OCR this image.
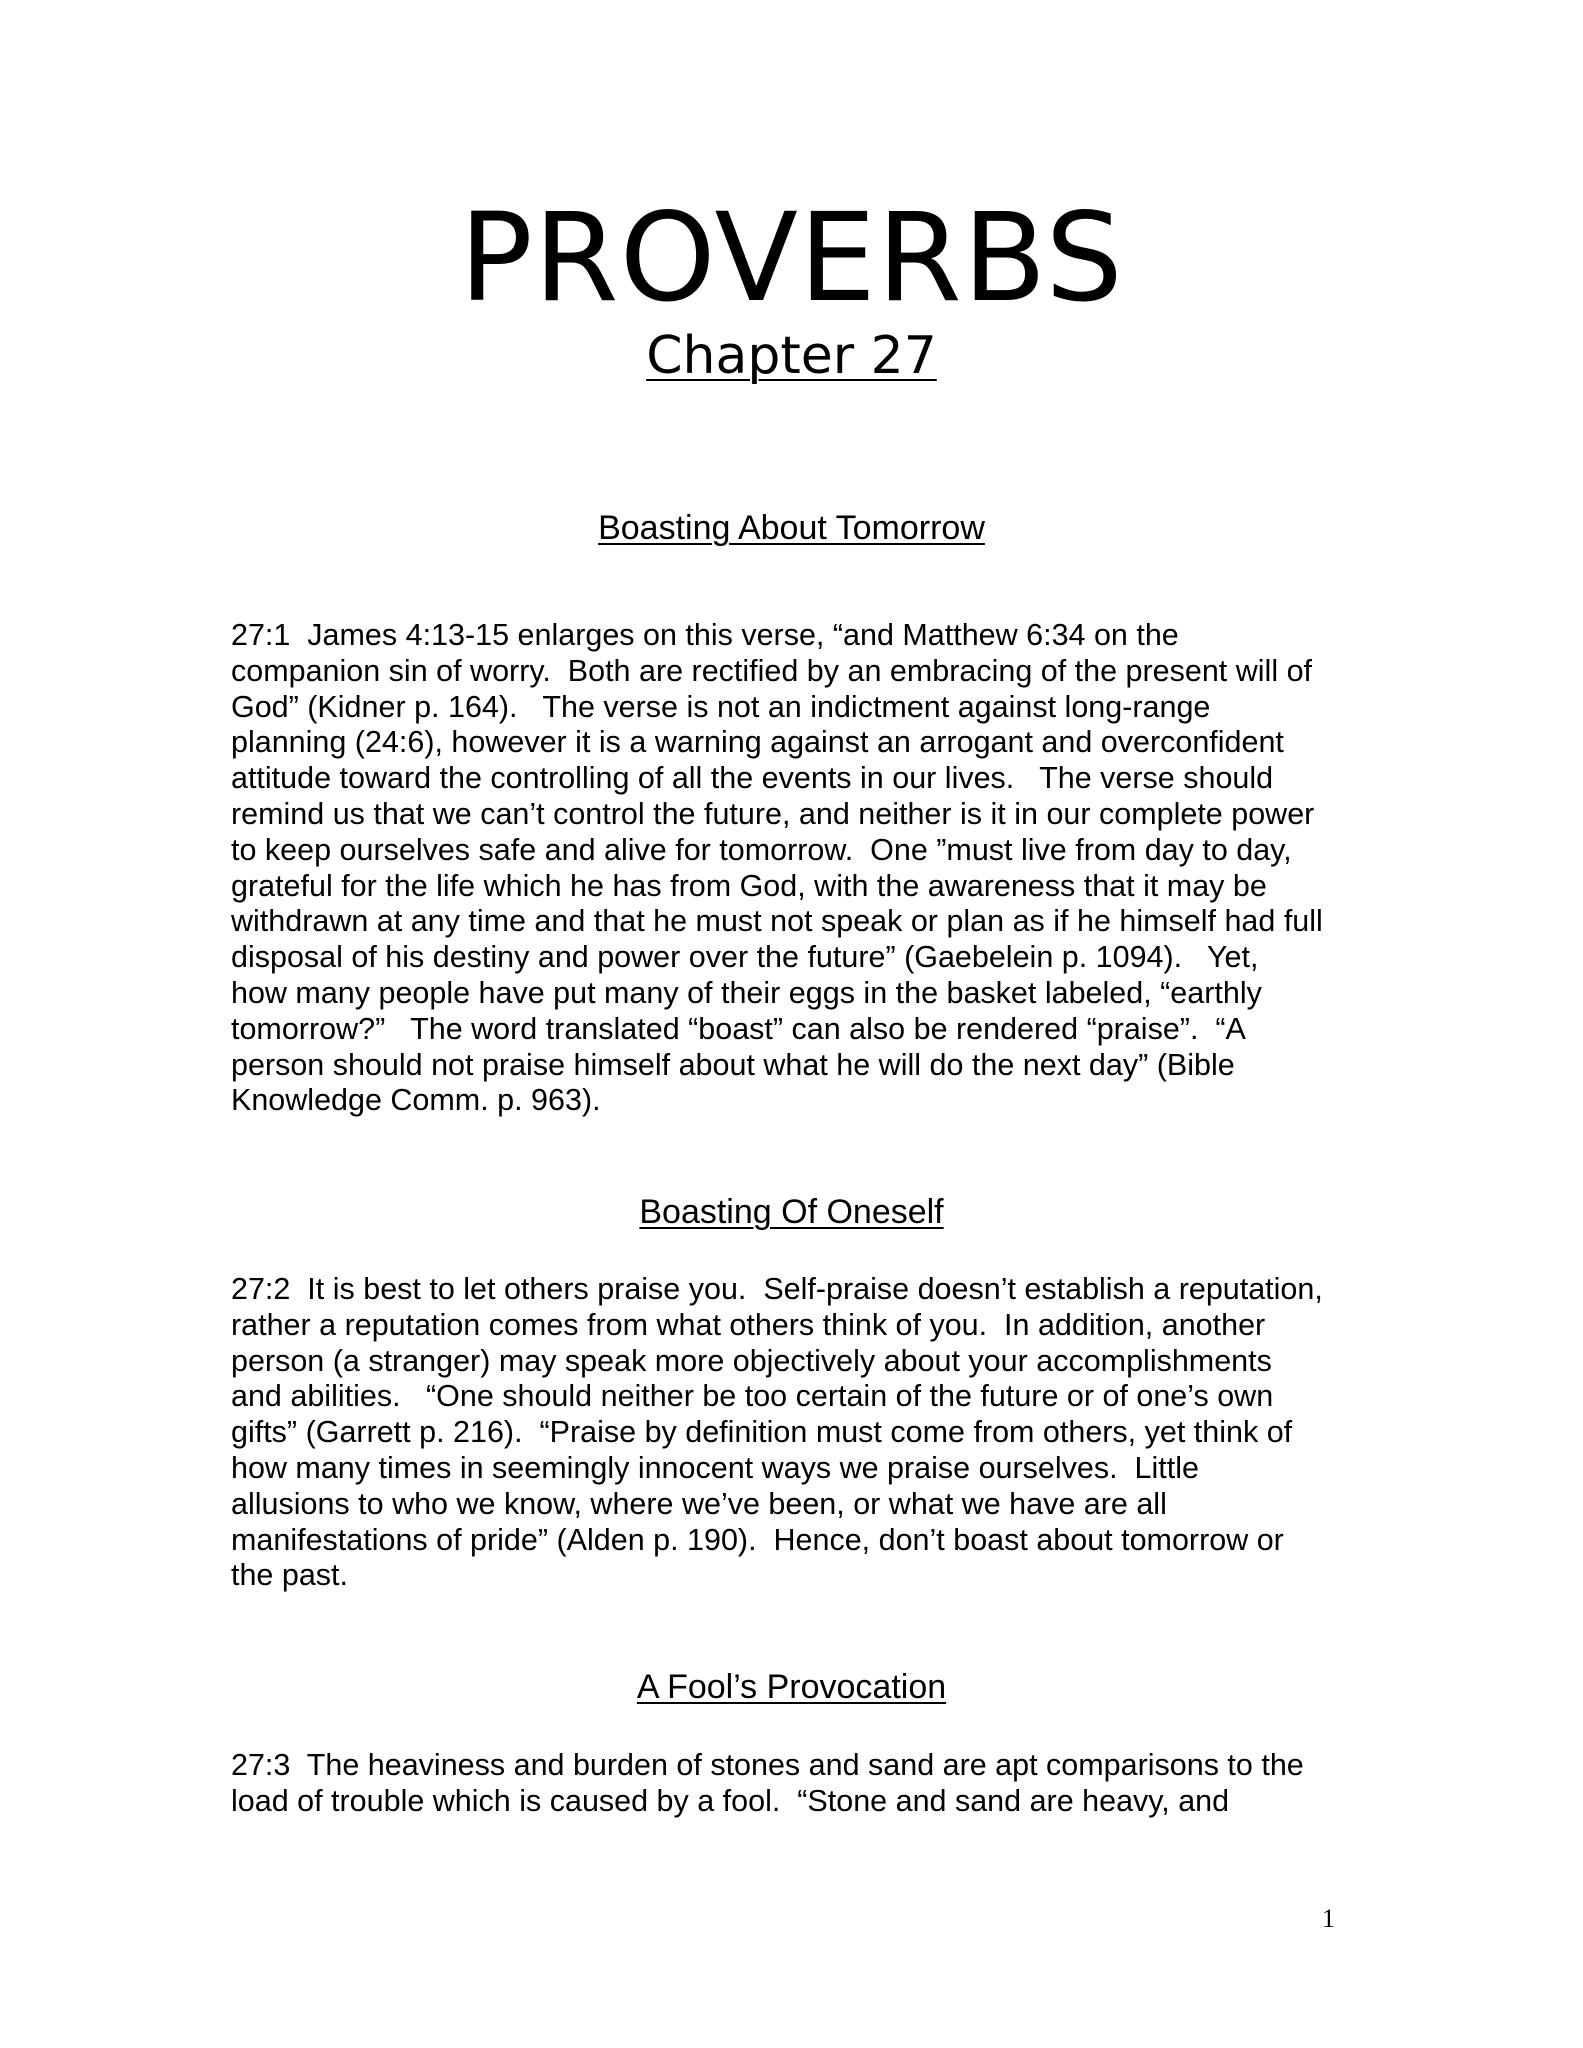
PROVERBS
Chapter 27
Boasting About Tomorrow
27:1  James 4:13-15 enlarges on this verse, “and Matthew 6:34 on the
companion sin of worry.  Both are rectified by an embracing of the present will of
God” (Kidner p. 164).   The verse is not an indictment against long-range
planning (24:6), however it is a warning against an arrogant and overconfident
attitude toward the controlling of all the events in our lives.   The verse should
remind us that we can’t control the future, and neither is it in our complete power
to keep ourselves safe and alive for tomorrow.  One ”must live from day to day,
grateful for the life which he has from God, with the awareness that it may be
withdrawn at any time and that he must not speak or plan as if he himself had full
disposal of his destiny and power over the future” (Gaebelein p. 1094).   Yet,
how many people have put many of their eggs in the basket labeled, “earthly
tomorrow?”   The word translated “boast” can also be rendered “praise”.  “A
person should not praise himself about what he will do the next day” (Bible
Knowledge Comm. p. 963).
Boasting Of Oneself
27:2  It is best to let others praise you.  Self-praise doesn’t establish a reputation,
rather a reputation comes from what others think of you.  In addition, another
person (a stranger) may speak more objectively about your accomplishments
and abilities.   “One should neither be too certain of the future or of one’s own
gifts” (Garrett p. 216).  “Praise by definition must come from others, yet think of
how many times in seemingly innocent ways we praise ourselves.  Little
allusions to who we know, where we’ve been, or what we have are all
manifestations of pride” (Alden p. 190).  Hence, don’t boast about tomorrow or
the past.
A Fool’s Provocation
27:3  The heaviness and burden of stones and sand are apt comparisons to the
load of trouble which is caused by a fool.  “Stone and sand are heavy, and
1
